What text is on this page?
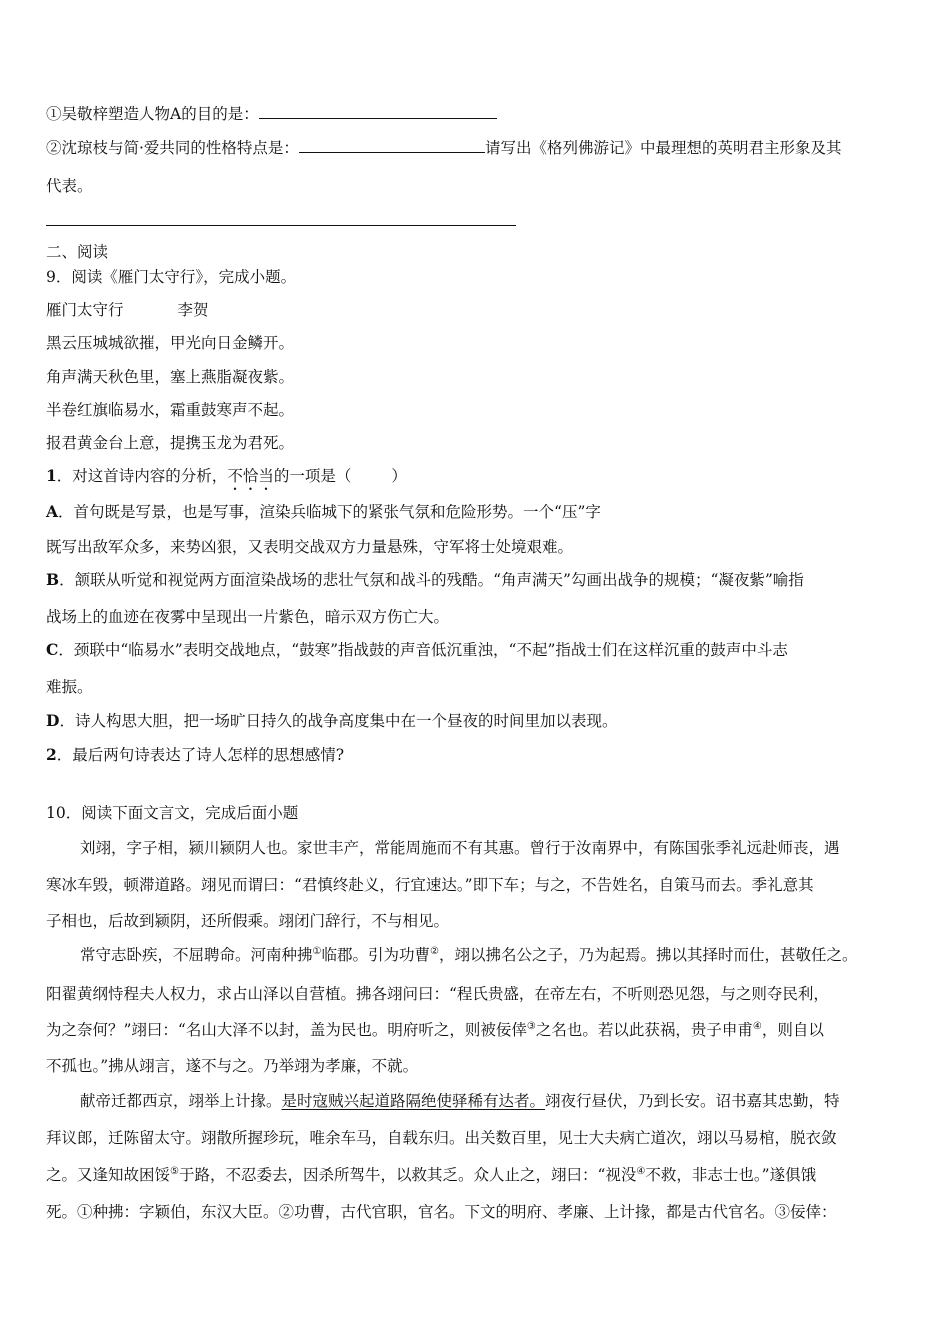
①吴敬梓塑造人物A的目的是：
②沈琼枝与简·爱共同的性格特点是：	请写出《格列佛游记》中最理想的英明君主形象及其
代表。
二、阅读
9．阅读《雁门太守行》，完成小题。
雁门太守行	李贺
黑云压城城欲摧，甲光向日金鳞开。
角声满天秋色里，塞上燕脂凝夜紫。
半卷红旗临易水，霜重鼓寒声不起。
报君黄金台上意，提携玉龙为君死。
1．对这首诗内容的分析，不恰当的一项是（	）
A．首句既是写景，也是写事，渲染兵临城下的紧张气氛和危险形势。一个“压”字
既写出敌军众多，来势凶狠，又表明交战双方力量悬殊，守军将士处境艰难。
B．颔联从听觉和视觉两方面渲染战场的悲壮气氛和战斗的残酷。“角声满天”勾画出战争的规模；“凝夜紫”喻指
战场上的血迹在夜雾中呈现出一片紫色，暗示双方伤亡大。
C．颈联中“临易水”表明交战地点，“鼓寒”指战鼓的声音低沉重浊，“不起”指战士们在这样沉重的鼓声中斗志
难振。
D．诗人构思大胆，把一场旷日持久的战争高度集中在一个昼夜的时间里加以表现。
2．最后两句诗表达了诗人怎样的思想感情?
10．阅读下面文言文，完成后面小题
刘翊，字子相，颍川颍阴人也。家世丰产，常能周施而不有其惠。曾行于汝南界中，有陈国张季礼远赴师丧，遇
寒冰车毁，顿滞道路。翊见而谓曰：“君慎终赴义，行宜速达。”即下车；与之，不告姓名，自策马而去。季礼意其
子相也，后故到颍阴，还所假乘。翊闭门辞行，不与相见。
常守志卧疾，不屈聘命。河南种拂①临郡。引为功曹②，翊以拂名公之子，乃为起焉。拂以其择时而仕，甚敬任之。
阳翟黄纲恃程夫人权力，求占山泽以自营植。拂各翊问曰：“程氏贵盛，在帝左右，不听则恐见怨，与之则夺民利，
为之奈何？”翊曰：“名山大泽不以封，盖为民也。明府听之，则被佞倖③之名也。若以此获祸，贵子申甫④，则自以
不孤也。”拂从翊言，遂不与之。乃举翊为孝廉，不就。
献帝迁都西京，翊举上计掾。是时寇贼兴起道路隔绝使驿稀有达者。翊夜行昼伏，乃到长安。诏书嘉其忠勤，特
拜议郎，迁陈留太守。翊散所握珍玩，唯余车马，自载东归。出关数百里，见士大夫病亡道次，翊以马易棺，脱衣敛
之。又逢知故困馁⑤于路，不忍委去，因杀所驾牛，以救其乏。众人止之，翊曰：“视没④不救，非志士也。”遂俱饿
死。①种拂：字颖伯，东汉大臣。②功曹，古代官职，官名。下文的明府、孝廉、上计掾，都是古代官名。③佞倖：
